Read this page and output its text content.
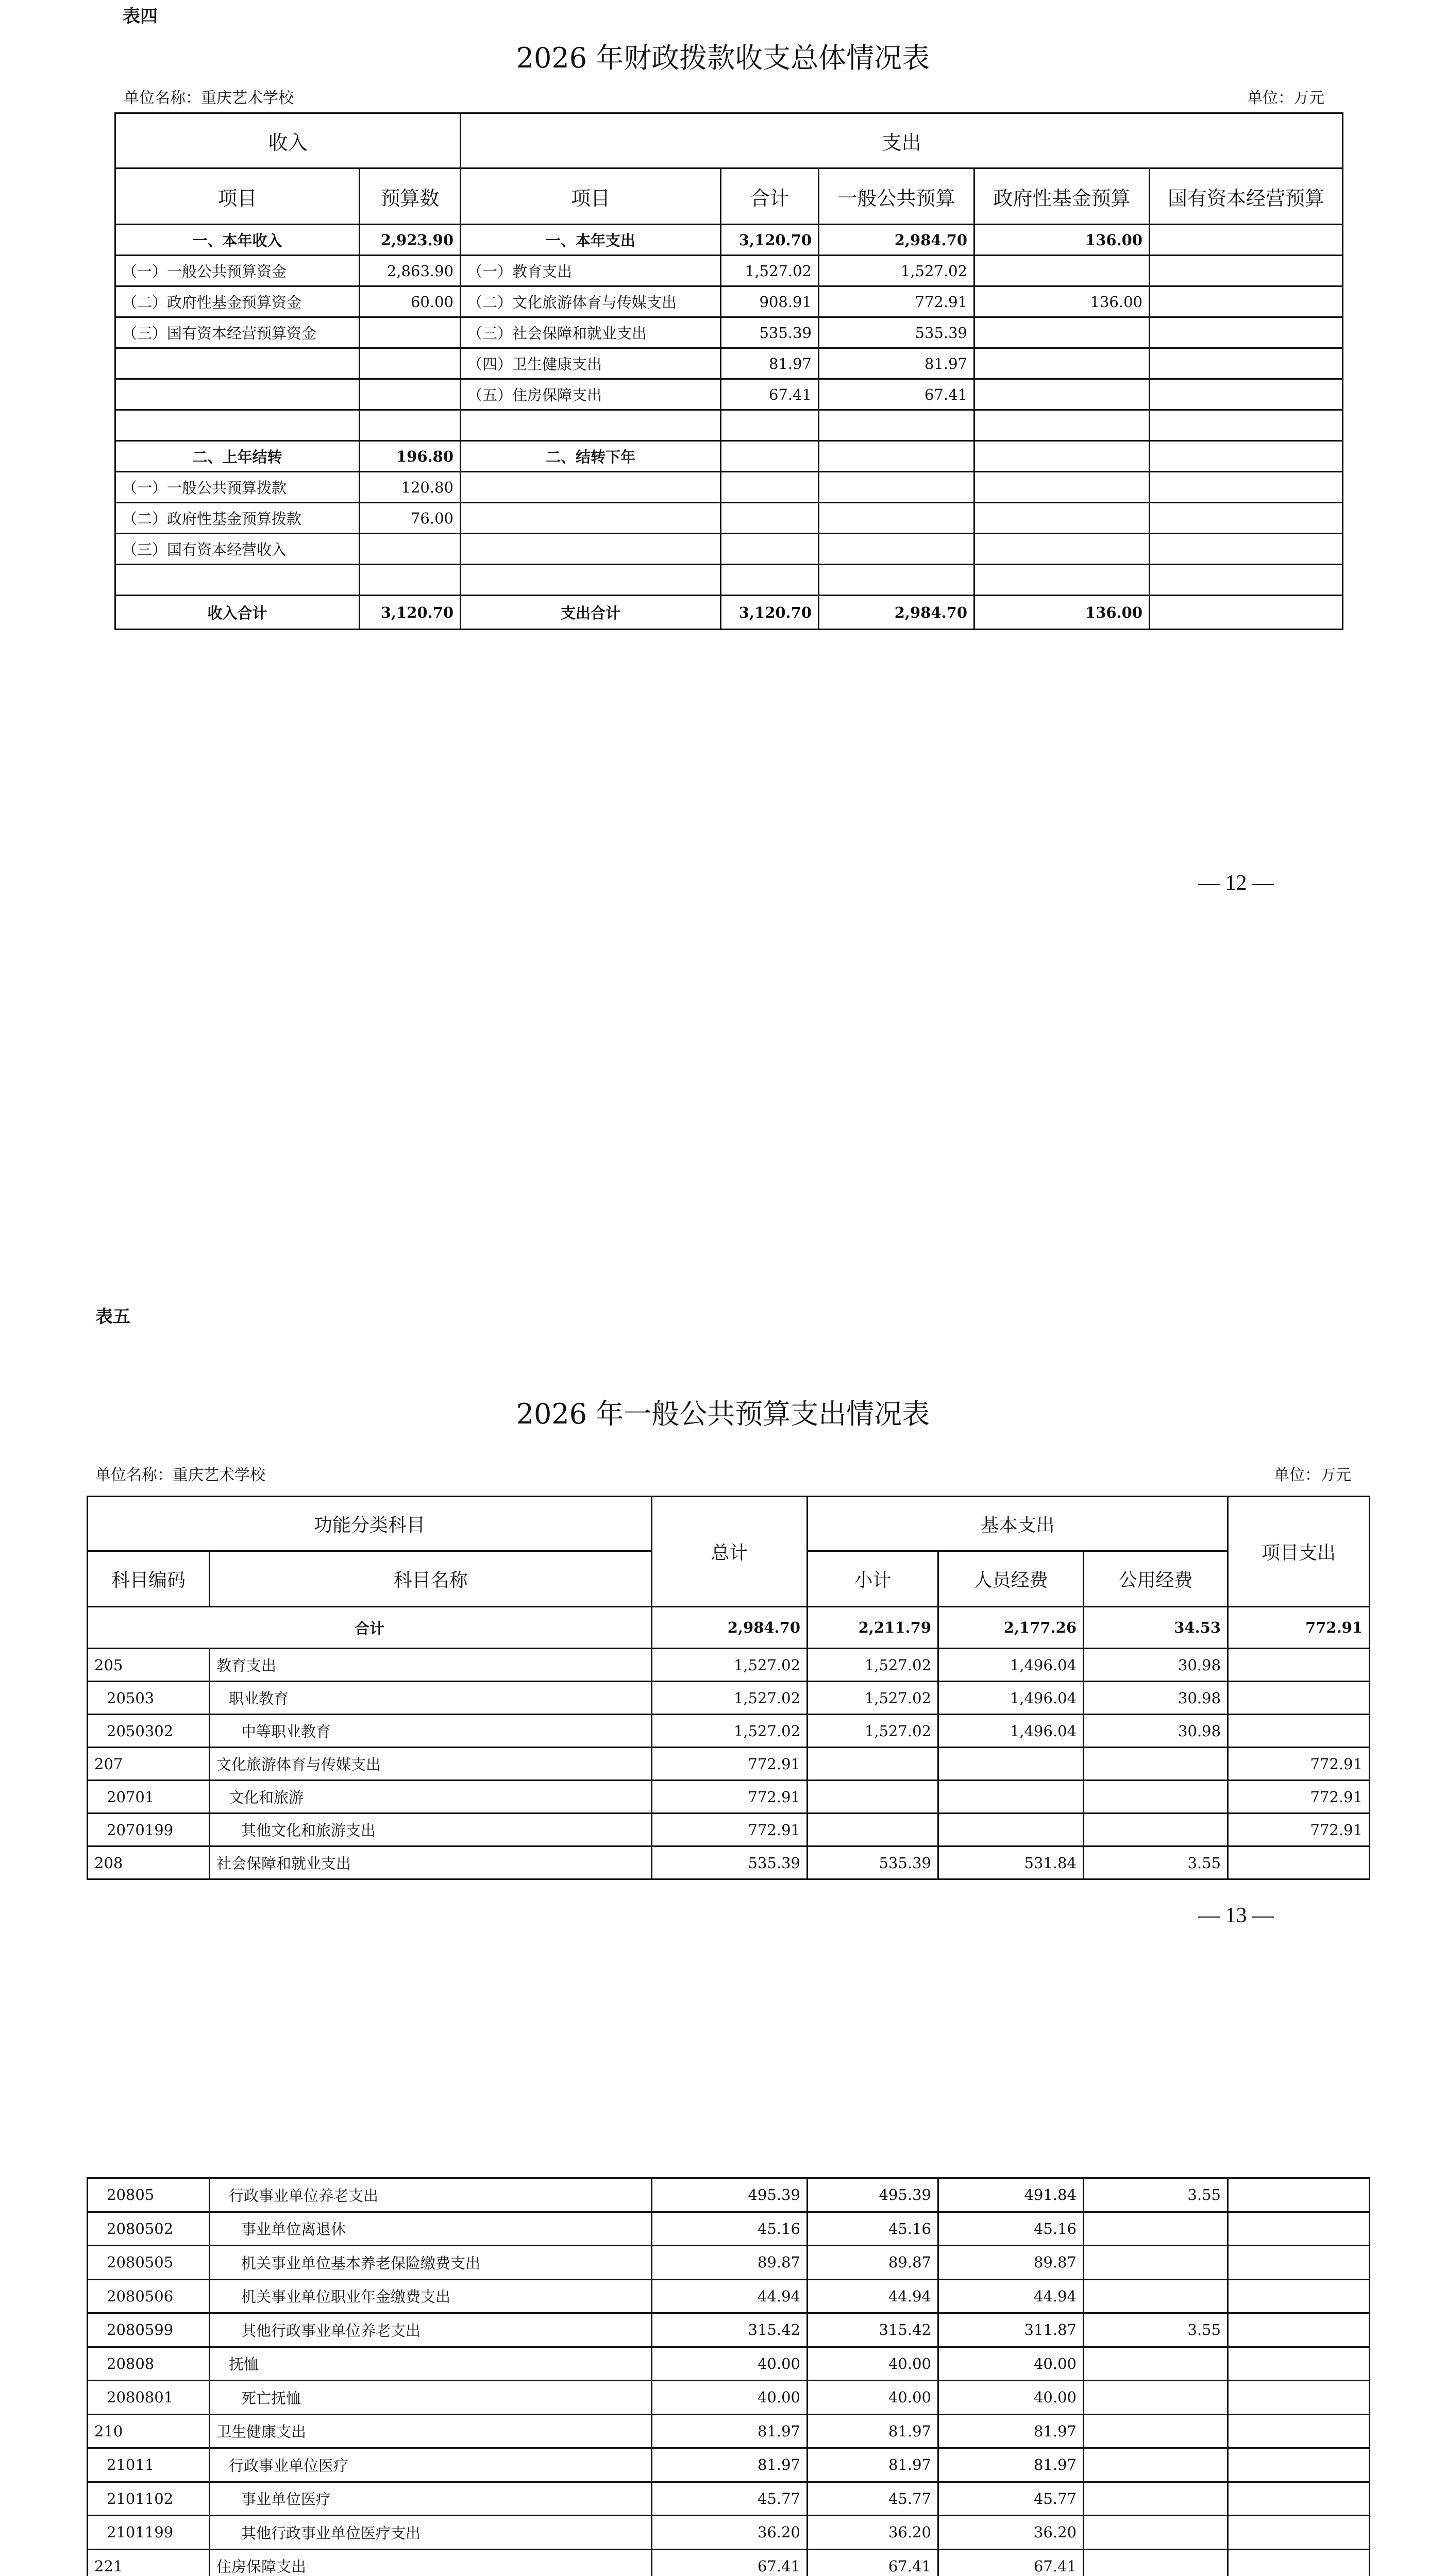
表四
2026 年财政拨款收支总体情况表
单位名称：重庆艺术学校	单位：万元
收入		支出				
项目	预算数	项目	合计	一般公共预算	政府性基金预算	国有资本经营预算
一、本年收入	2,923.90	一、本年支出	3,120.70	2,984.70	136.00	
（一）一般公共预算资金	2,863.90	（一）教育支出	1,527.02	1,527.02		
（二）政府性基金预算资金	60.00	（二）文化旅游体育与传媒支出	908.91	772.91	136.00	
（三）国有资本经营预算资金		（三）社会保障和就业支出	535.39	535.39		
		（四）卫生健康支出	81.97	81.97		
		（五）住房保障支出	67.41	67.41		

二、上年结转	196.80	二、结转下年				
（一）一般公共预算拨款	120.80					
（二）政府性基金预算拨款	76.00					
（三）国有资本经营收入						

收入合计	3,120.70	支出合计	3,120.70	2,984.70	136.00	
— 12 —
表五
2026 年一般公共预算支出情况表
单位名称：重庆艺术学校	单位：万元
功能分类科目		总计	基本支出			项目支出
科目编码	科目名称		小计	人员经费	公用经费	
合计		2,984.70	2,211.79	2,177.26	34.53	772.91
205	教育支出	1,527.02	1,527.02	1,496.04	30.98	
20503	职业教育	1,527.02	1,527.02	1,496.04	30.98	
2050302	中等职业教育	1,527.02	1,527.02	1,496.04	30.98	
207	文化旅游体育与传媒支出	772.91				772.91
20701	文化和旅游	772.91				772.91
2070199	其他文化和旅游支出	772.91				772.91
208	社会保障和就业支出	535.39	535.39	531.84	3.55	
— 13 —
20805	行政事业单位养老支出	495.39	495.39	491.84	3.55	
2080502	事业单位离退休	45.16	45.16	45.16		
2080505	机关事业单位基本养老保险缴费支出	89.87	89.87	89.87		
2080506	机关事业单位职业年金缴费支出	44.94	44.94	44.94		
2080599	其他行政事业单位养老支出	315.42	315.42	311.87	3.55	
20808	抚恤	40.00	40.00	40.00		
2080801	死亡抚恤	40.00	40.00	40.00		
210	卫生健康支出	81.97	81.97	81.97		
21011	行政事业单位医疗	81.97	81.97	81.97		
2101102	事业单位医疗	45.77	45.77	45.77		
2101199	其他行政事业单位医疗支出	36.20	36.20	36.20		
221	住房保障支出	67.41	67.41	67.41		
